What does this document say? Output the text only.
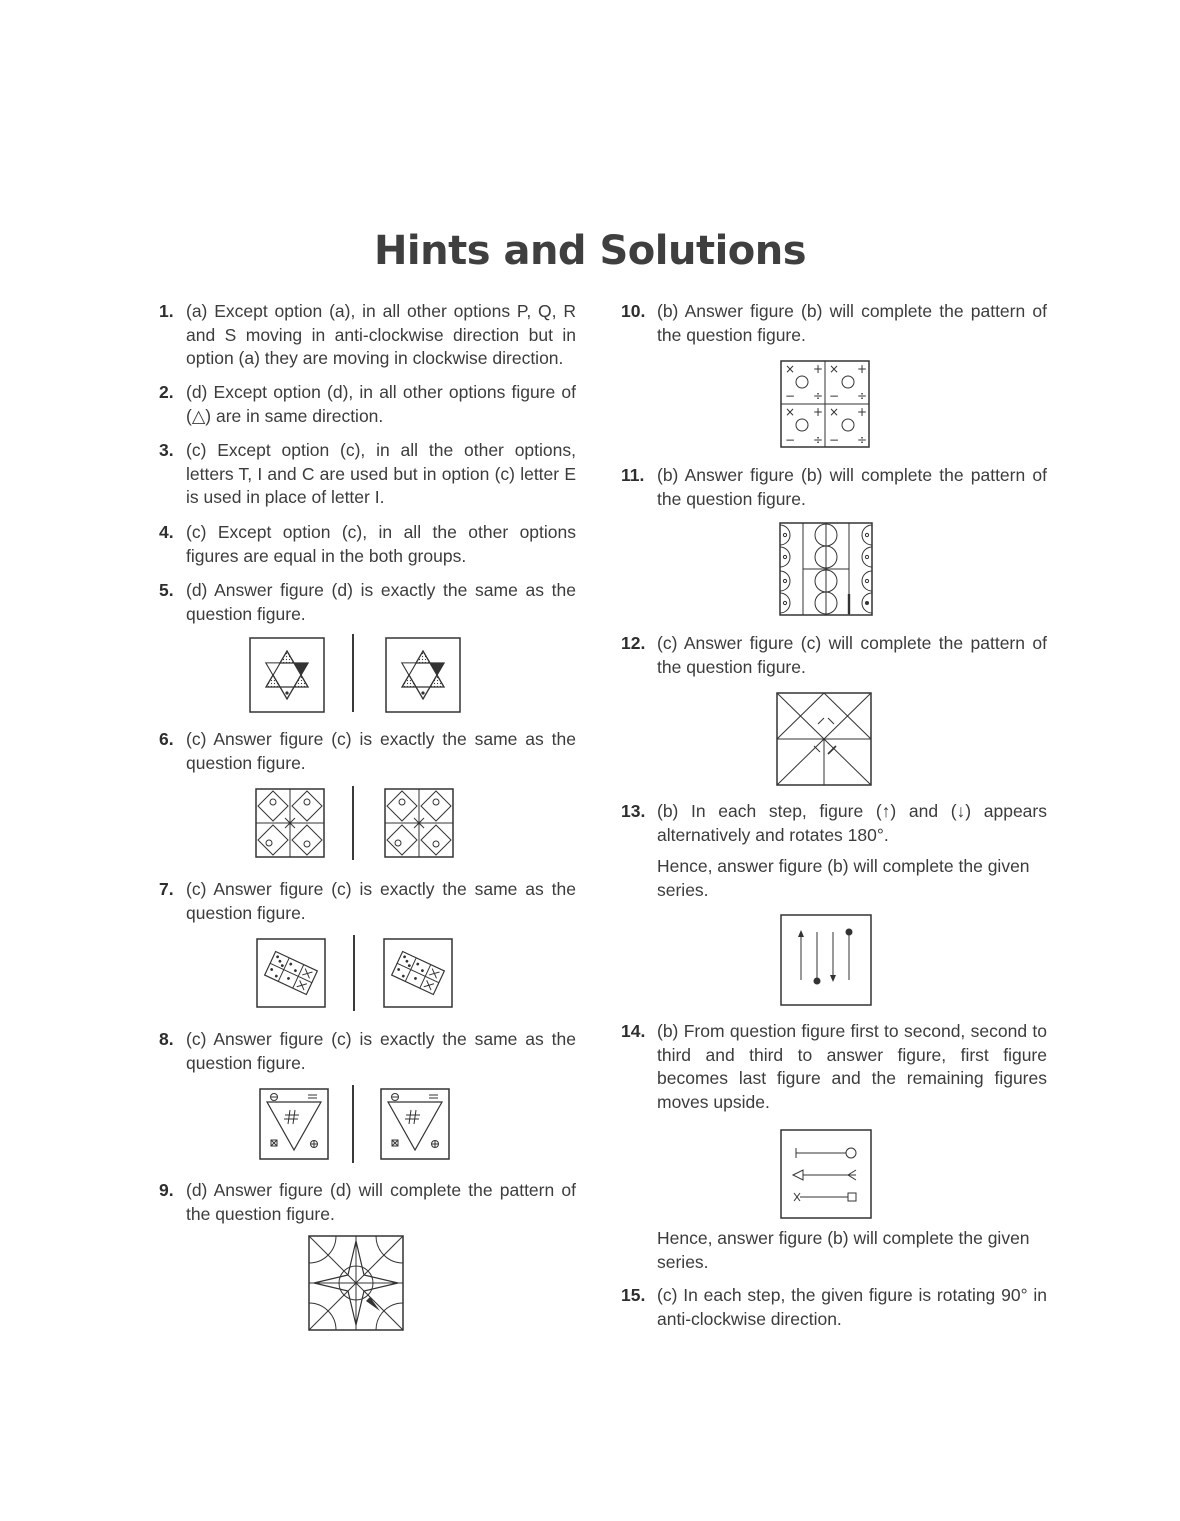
Hints and Solutions
1. (a) Except option (a), in all other options P, Q, R and S moving in anti-clockwise direction but in option (a) they are moving in clockwise direction.
2. (d) Except option (d), in all other options figure of (△) are in same direction.
3. (c) Except option (c), in all the other options, letters T, I and C are used but in option (c) letter E is used in place of letter I.
4. (c) Except option (c), in all the other options figures are equal in the both groups.
5. (d) Answer figure (d) is exactly the same as the question figure.
6. (c) Answer figure (c) is exactly the same as the question figure.
7. (c) Answer figure (c) is exactly the same as the question figure.
8. (c) Answer figure (c) is exactly the same as the question figure.
9. (d) Answer figure (d) will complete the pattern of the question figure.
10. (b) Answer figure (b) will complete the pattern of the question figure.
× +
− ÷
× +
− ÷
× +
− ÷
× +
− ÷
11. (b) Answer figure (b) will complete the pattern of the question figure.
12. (c) Answer figure (c) will complete the pattern of the question figure.
13. (b) In each step, figure (↑) and (↓) appears alternatively and rotates 180°.
Hence, answer figure (b) will complete the given series.
14. (b) From question figure first to second, second to third and third to answer figure, first figure becomes last figure and the remaining figures moves upside.
Hence, answer figure (b) will complete the given series.
15. (c) In each step, the given figure is rotating 90° in anti-clockwise direction.
